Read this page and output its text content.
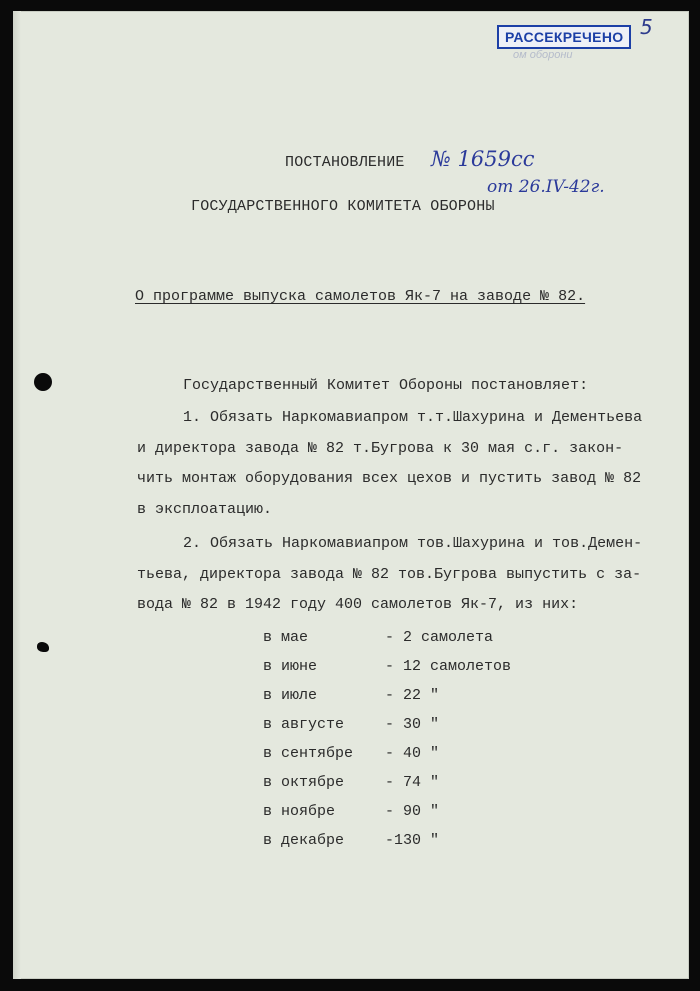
РАССЕКРЕЧЕНО
ом оборони
5
ПОСТАНОВЛЕНИЕ № 1659сс
от 26.IV-42г.
ГОСУДАРСТВЕННОГО КОМИТЕТА ОБОРОНЫ
О программе выпуска самолетов Як-7 на заводе № 82.
Государственный Комитет Обороны постановляет:
1. Обязать Наркомавиапром т.т.Шахурина и Дементьева
и директора завода № 82 т.Бугрова к 30 мая с.г. закон-
чить монтаж оборудования всех цехов и пустить завод № 82
в эксплоатацию.
2. Обязать Наркомавиапром тов.Шахурина и тов.Демен-
тьева, директора завода № 82 тов.Бугрова выпустить с за-
вода № 82 в 1942 году 400 самолетов Як-7, из них:
в мае	- 2 самолета
в июне	- 12 самолетов
в июле	- 22 "
в августе	- 30 "
в сентябре - 40 "
в октябре	- 74 "
в ноябре	- 90 "
в декабре	-130 "
